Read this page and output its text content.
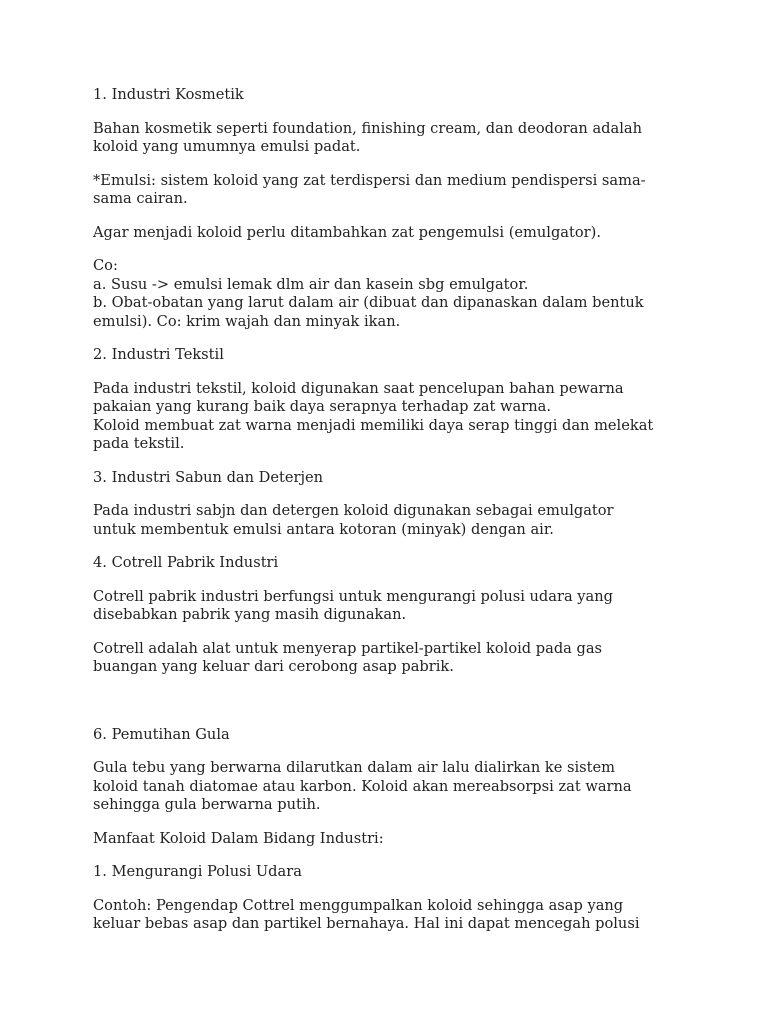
1. Industri Kosmetik

Bahan kosmetik seperti foundation, finishing cream, dan deodoran adalah
koloid yang umumnya emulsi padat.

*Emulsi: sistem koloid yang zat terdispersi dan medium pendispersi sama-
sama cairan.

Agar menjadi koloid perlu ditambahkan zat pengemulsi (emulgator).

Co:
a. Susu -> emulsi lemak dlm air dan kasein sbg emulgator.
b. Obat-obatan yang larut dalam air (dibuat dan dipanaskan dalam bentuk
emulsi). Co: krim wajah dan minyak ikan.

2. Industri Tekstil

Pada industri tekstil, koloid digunakan saat pencelupan bahan pewarna
pakaian yang kurang baik daya serapnya terhadap zat warna.
Koloid membuat zat warna menjadi memiliki daya serap tinggi dan melekat
pada tekstil.

3. Industri Sabun dan Deterjen

Pada industri sabjn dan detergen koloid digunakan sebagai emulgator
untuk membentuk emulsi antara kotoran (minyak) dengan air.

4. Cotrell Pabrik Industri

Cotrell pabrik industri berfungsi untuk mengurangi polusi udara yang
disebabkan pabrik yang masih digunakan.

Cotrell adalah alat untuk menyerap partikel-partikel koloid pada gas
buangan yang keluar dari cerobong asap pabrik.

6. Pemutihan Gula

Gula tebu yang berwarna dilarutkan dalam air lalu dialirkan ke sistem
koloid tanah diatomae atau karbon. Koloid akan mereabsorpsi zat warna
sehingga gula berwarna putih.

Manfaat Koloid Dalam Bidang Industri:

1. Mengurangi Polusi Udara

Contoh: Pengendap Cottrel menggumpalkan koloid sehingga asap yang
keluar bebas asap dan partikel bernahaya. Hal ini dapat mencegah polusi
